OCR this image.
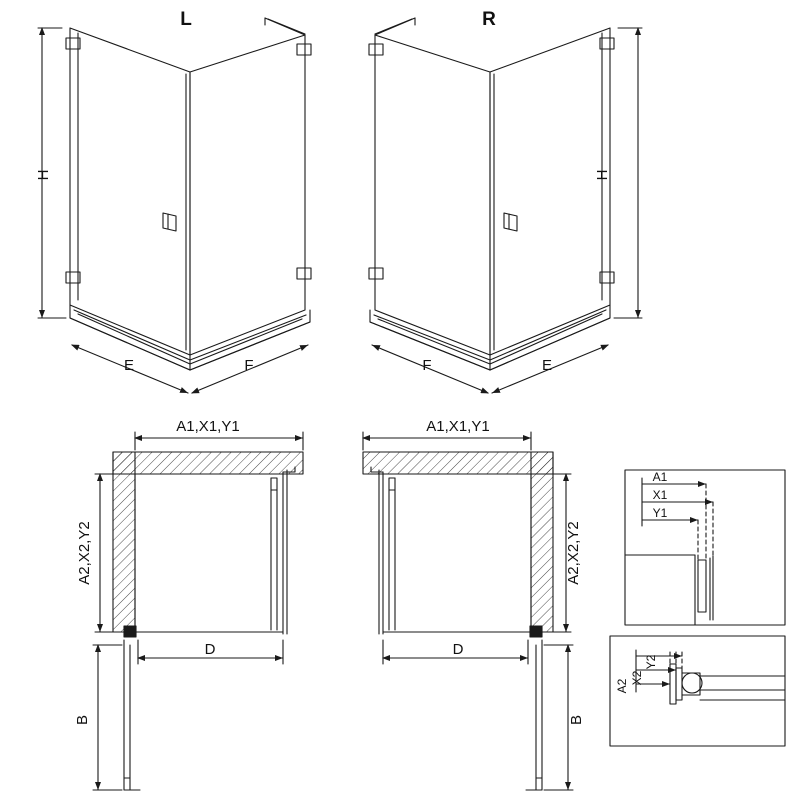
L	R
H	H
E	F	F	E
A1,X1,Y1	A1,X1,Y1
A2,X2,Y2	A2,X2,Y2
D	D
B	B
A1
X1
Y1
A2
X2
Y2
